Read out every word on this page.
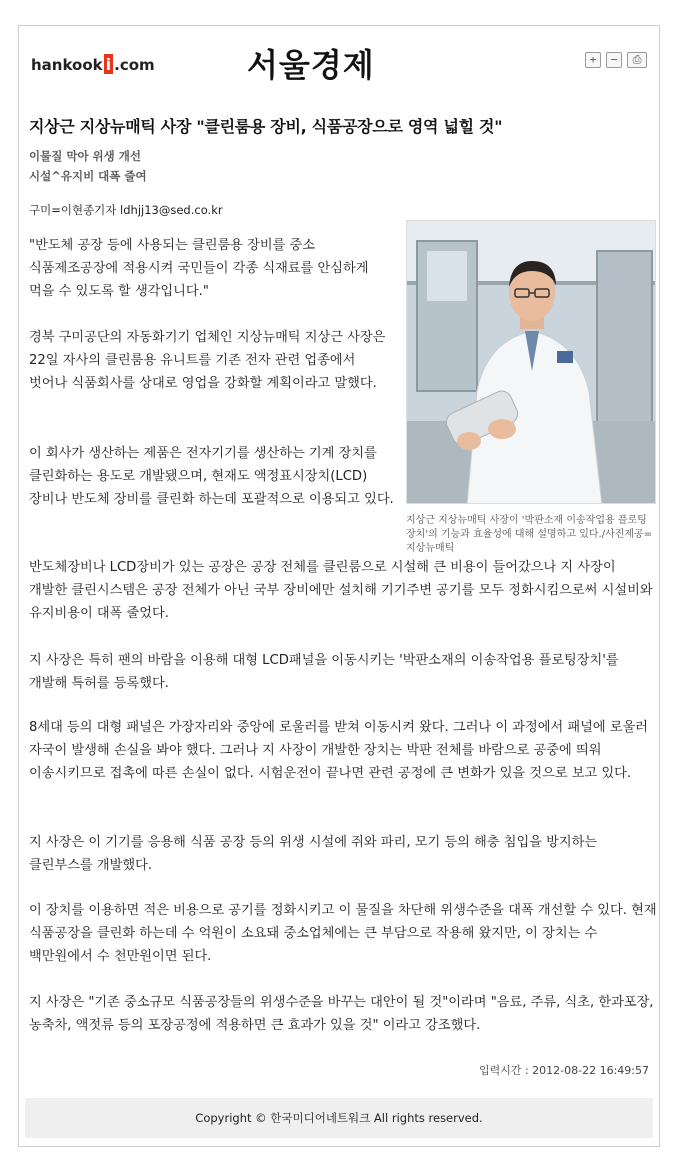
hankook i .com	서울경제	+	−	⎙
지상근 지상뉴매틱 사장 "클린룸용 장비, 식품공장으로 영역 넓힐 것"
이물질 막아 위생 개선
시설^유지비 대폭 줄여
구미=이현종기자 ldhjj13@sed.co.kr
지상근 지상뉴매틱 사장이 '박판소재 이송작업용 플로팅장치'의 기능과 효율성에 대해 설명하고 있다./사진제공=지상뉴매틱
"반도체 공장 등에 사용되는 클린룸용 장비를 중소 식품제조공장에 적용시켜 국민들이 각종 식재료를 안심하게 먹을 수 있도록 할 생각입니다."
경북 구미공단의 자동화기기 업체인 지상뉴매틱 지상근 사장은 22일 자사의 클린룸용 유니트를 기존 전자 관련 업종에서 벗어나 식품회사를 상대로 영업을 강화할 계획이라고 말했다.
이 회사가 생산하는 제품은 전자기기를 생산하는 기계 장치를 클린화하는 용도로 개발됐으며, 현재도 액정표시장치(LCD)장비나 반도체 장비를 클린화 하는데 포괄적으로 이용되고 있다.
반도체장비나 LCD장비가 있는 공장은 공장 전체를 클린룸으로 시설해 큰 비용이 들어갔으나 지 사장이 개발한 클린시스템은 공장 전체가 아닌 국부 장비에만 설치해 기기주변 공기를 모두 정화시킴으로써 시설비와 유지비용이 대폭 줄었다.
지 사장은 특히 팬의 바람을 이용해 대형 LCD패널을 이동시키는 '박판소재의 이송작업용 플로팅장치'를 개발해 특허를 등록했다.
8세대 등의 대형 패널은 가장자리와 중앙에 로울러를 받쳐 이동시켜 왔다. 그러나 이 과정에서 패널에 로울러 자국이 발생해 손실을 봐야 했다. 그러나 지 사장이 개발한 장치는 박판 전체를 바람으로 공중에 띄워 이송시키므로 접촉에 따른 손실이 없다. 시험운전이 끝나면 관련 공정에 큰 변화가 있을 것으로 보고 있다.
지 사장은 이 기기를 응용해 식품 공장 등의 위생 시설에 쥐와 파리, 모기 등의 해충 침입을 방지하는 클린부스를 개발했다.
이 장치를 이용하면 적은 비용으로 공기를 정화시키고 이 물질을 차단해 위생수준을 대폭 개선할 수 있다. 현재 식품공장을 클린화 하는데 수 억원이 소요돼 중소업체에는 큰 부담으로 작용해 왔지만, 이 장치는 수 백만원에서 수 천만원이면 된다.
지 사장은 "기존 중소규모 식품공장들의 위생수준을 바꾸는 대안이 될 것"이라며 "음료, 주류, 식초, 한과포장, 농축차, 액젓류 등의 포장공정에 적용하면 큰 효과가 있을 것" 이라고 강조했다.
입력시간 : 2012-08-22 16:49:57
Copyright © 한국미디어네트워크 All rights reserved.
